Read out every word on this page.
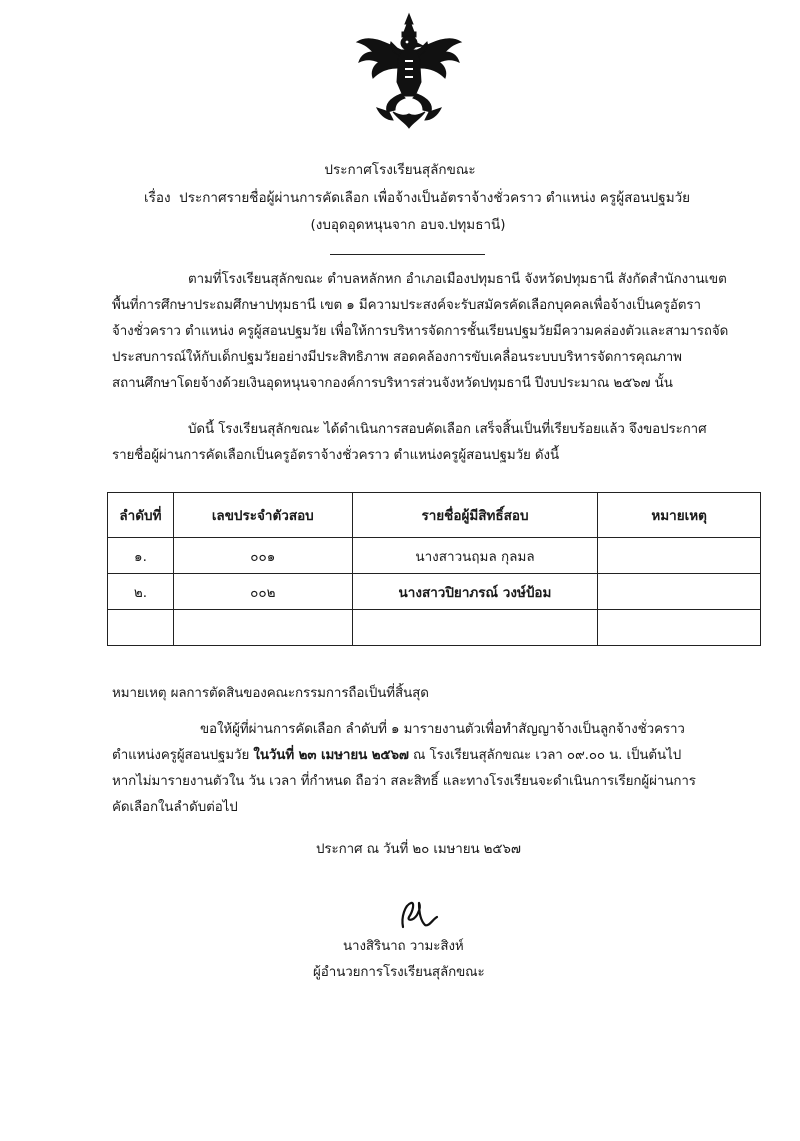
ประกาศโรงเรียนสุลักขณะ
เรื่อง ประกาศรายชื่อผู้ผ่านการคัดเลือก เพื่อจ้างเป็นอัตราจ้างชั่วคราว ตำแหน่ง ครูผู้สอนปฐมวัย
(งบอุดอุดหนุนจาก อบจ.ปทุมธานี)
ตามที่โรงเรียนสุลักขณะ ตำบลหลักหก อำเภอเมืองปทุมธานี จังหวัดปทุมธานี สังกัดสำนักงานเขต
พื้นที่การศึกษาประถมศึกษาปทุมธานี เขต ๑ มีความประสงค์จะรับสมัครคัดเลือกบุคคลเพื่อจ้างเป็นครูอัตรา
จ้างชั่วคราว ตำแหน่ง ครูผู้สอนปฐมวัย เพื่อให้การบริหารจัดการชั้นเรียนปฐมวัยมีความคล่องตัวและสามารถจัด
ประสบการณ์ให้กับเด็กปฐมวัยอย่างมีประสิทธิภาพ สอดคล้องการขับเคลื่อนระบบบริหารจัดการคุณภาพ
สถานศึกษาโดยจ้างด้วยเงินอุดหนุนจากองค์การบริหารส่วนจังหวัดปทุมธานี ปีงบประมาณ ๒๕๖๗ นั้น
บัดนี้ โรงเรียนสุลักขณะ ได้ดำเนินการสอบคัดเลือก เสร็จสิ้นเป็นที่เรียบร้อยแล้ว จึงขอประกาศ
รายชื่อผู้ผ่านการคัดเลือกเป็นครูอัตราจ้างชั่วคราว ตำแหน่งครูผู้สอนปฐมวัย ดังนี้
ลำดับที่	เลขประจำตัวสอบ	รายชื่อผู้มีสิทธิ์สอบ	หมายเหตุ
๑.	๐๐๑	นางสาวนฤมล กุลมล	
๒.	๐๐๒	นางสาวปิยาภรณ์ วงษ์ป้อม	

หมายเหตุ ผลการตัดสินของคณะกรรมการถือเป็นที่สิ้นสุด
ขอให้ผู้ที่ผ่านการคัดเลือก ลำดับที่ ๑ มารายงานตัวเพื่อทำสัญญาจ้างเป็นลูกจ้างชั่วคราว
ตำแหน่งครูผู้สอนปฐมวัย ในวันที่ ๒๓ เมษายน ๒๕๖๗ ณ โรงเรียนสุลักขณะ เวลา ๐๙.๐๐ น. เป็นต้นไป
หากไม่มารายงานตัวใน วัน เวลา ที่กำหนด ถือว่า สละสิทธิ์ และทางโรงเรียนจะดำเนินการเรียกผู้ผ่านการ
คัดเลือกในลำดับต่อไป
ประกาศ ณ วันที่ ๒๐ เมษายน ๒๕๖๗
นางสิรินาถ วามะสิงห์
ผู้อำนวยการโรงเรียนสุลักขณะ
